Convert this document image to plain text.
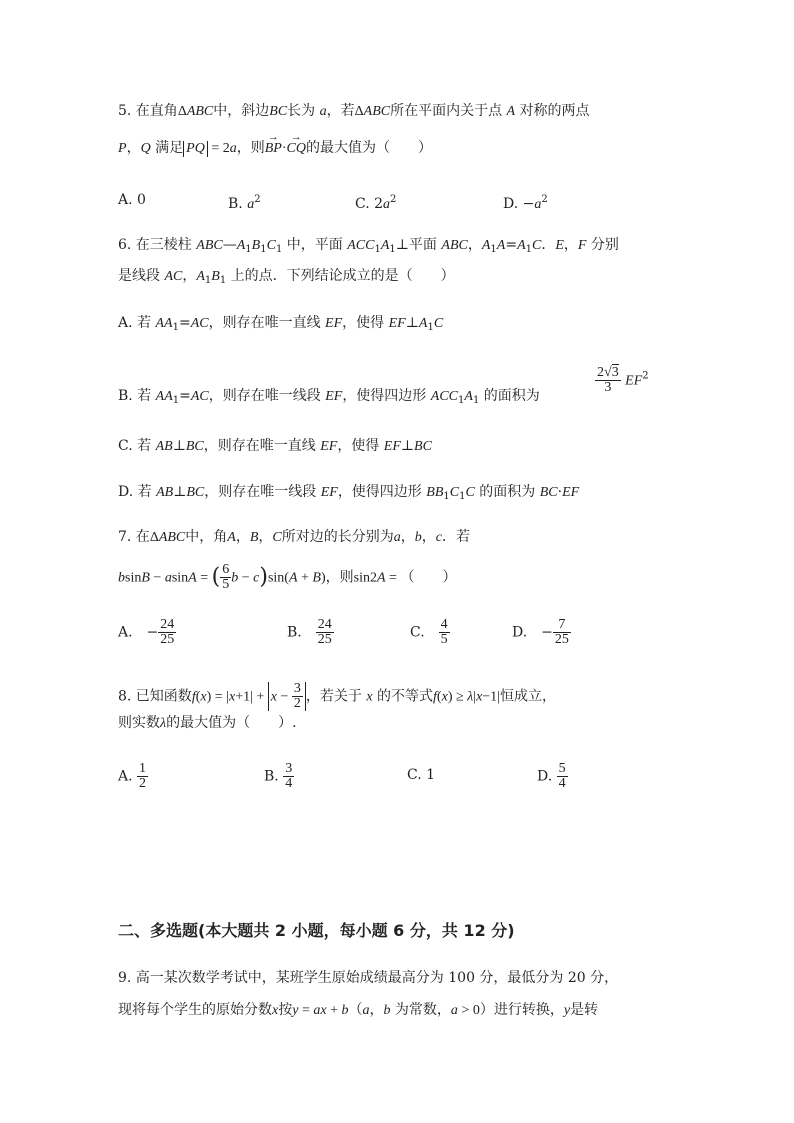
5. 在直角ΔABC中，斜边BC长为 a，若ΔABC所在平面内关于点 A 对称的两点
P，Q 满足 PQ = 2a，则→ BP·→ CQ的最大值为（　　）
A. 0	B. $a^2$	C. $2a^2$	D. $-a^2$
6. 在三棱柱 $ABC—A_1B_1C_1$ 中，平面 $ACC_1A_1\perp$平面 ABC，$A_1A=A_1C$．E，F 分别
是线段 AC，$A_1B_1$ 上的点．下列结论成立的是（　　）
A. 若 $AA_1=AC$，则存在唯一直线 EF，使得 $EF\perp A_1C$
B. 若 $AA_1=AC$，则存在唯一线段 EF，使得四边形 $ACC_1A_1$ 的面积为
$\frac{2√3}{3} EF^2$
C. 若 AB⊥BC，则存在唯一直线 EF，使得 EF⊥BC
D. 若 AB⊥BC，则存在唯一线段 EF，使得四边形 $BB_1C_1C$ 的面积为 BC·EF
7. 在ΔABC中，角A，B，C所对边的长分别为a，b，c．若
bsinB − asinA = ( $\frac{6}{5}$ b − c)sin(A + B)，则sin2A = （　　）
A.　− $\frac{24}{25}$	B.　 $\frac{24}{25}$	C.　 $\frac{4}{5}$	D.　− $\frac{7}{25}$
8. 已知函数$f(x) = |x+1| + x - \frac{3}{2}$ ，若关于 x 的不等式f(x) ≥ λ|x−1|恒成立，
则实数λ的最大值为（　　）.
A. $\frac{1}{2}$	B. $\frac{3}{4}$	C. 1	D. $\frac{5}{4}$
二、多选题(本大题共 2 小题，每小题 6 分，共 12 分)
9. 高一某次数学考试中，某班学生原始成绩最高分为 100 分，最低分为 20 分，
现将每个学生的原始分数x按y = ax + b（a，b 为常数，a > 0）进行转换，y是转
